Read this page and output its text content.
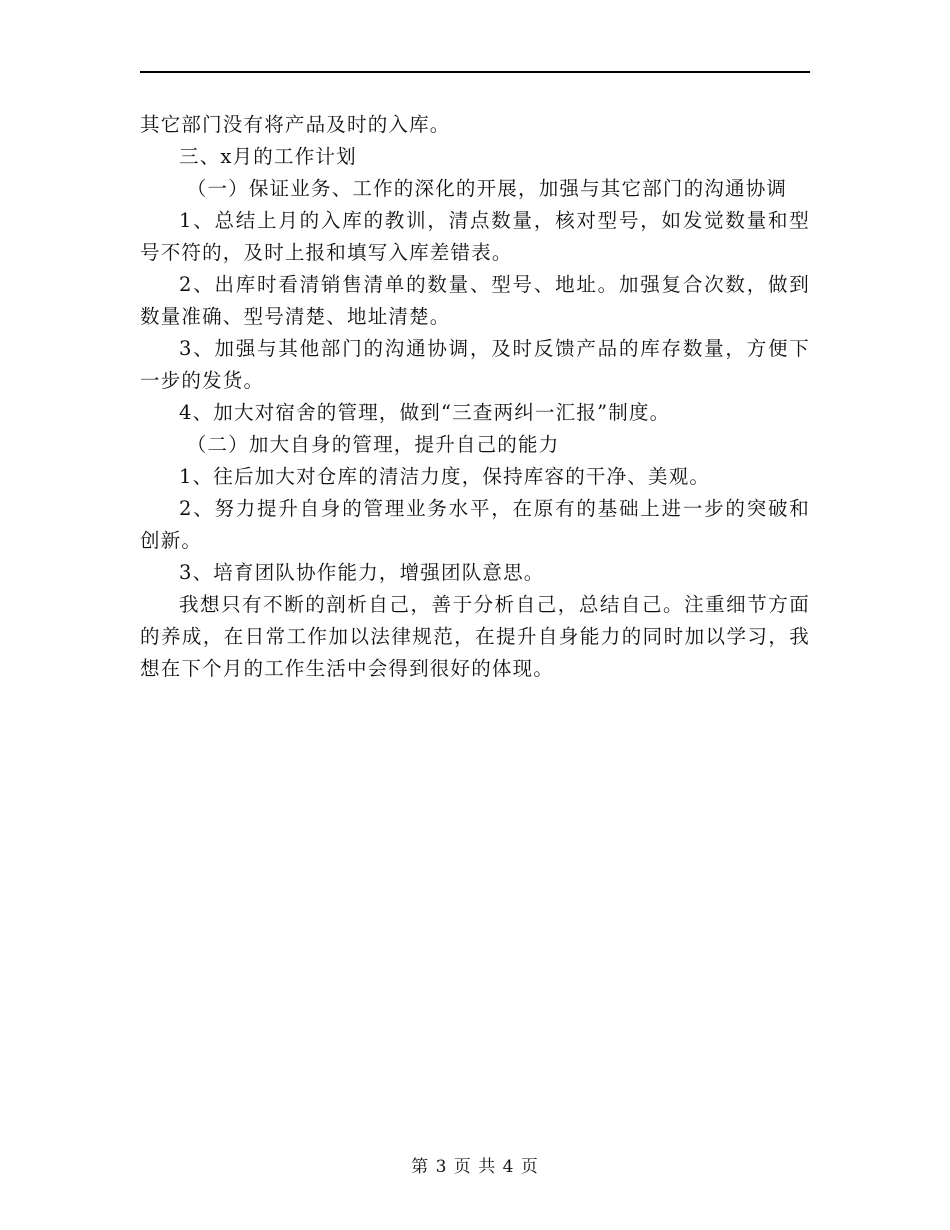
其它部门没有将产品及时的入库。

三、x月的工作计划

（一）保证业务、工作的深化的开展，加强与其它部门的沟通协调

1、总结上月的入库的教训，清点数量，核对型号，如发觉数量和型号不符的，及时上报和填写入库差错表。

2、出库时看清销售清单的数量、型号、地址。加强复合次数，做到数量准确、型号清楚、地址清楚。

3、加强与其他部门的沟通协调，及时反馈产品的库存数量，方便下一步的发货。

4、加大对宿舍的管理，做到“三查两纠一汇报”制度。

（二）加大自身的管理，提升自己的能力

1、往后加大对仓库的清洁力度，保持库容的干净、美观。

2、努力提升自身的管理业务水平，在原有的基础上进一步的突破和创新。

3、培育团队协作能力，增强团队意思。

我想只有不断的剖析自己，善于分析自己，总结自己。注重细节方面的养成，在日常工作加以法律规范，在提升自身能力的同时加以学习，我想在下个月的工作生活中会得到很好的体现。

第 3 页 共 4 页
